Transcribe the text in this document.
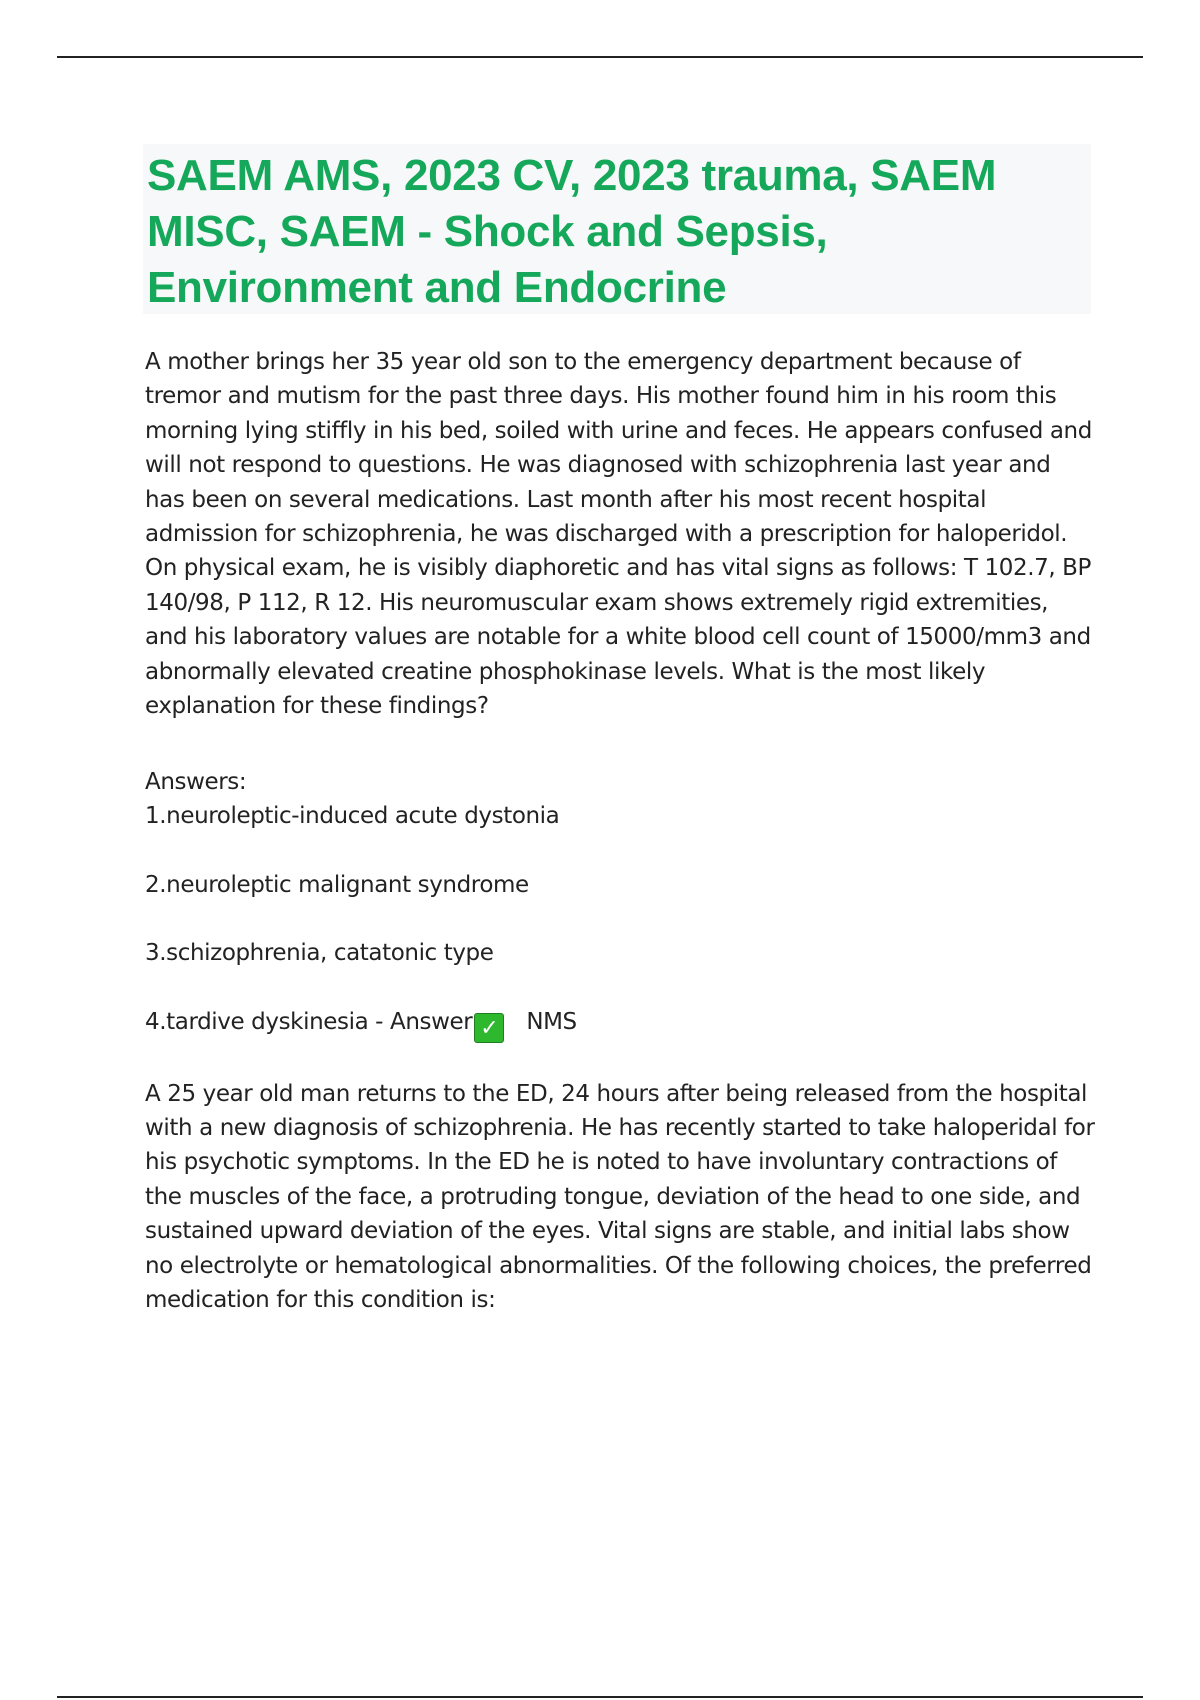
SAEM AMS, 2023 CV, 2023 trauma, SAEM MISC, SAEM - Shock and Sepsis, Environment and Endocrine

A mother brings her 35 year old son to the emergency department because of tremor and mutism for the past three days. His mother found him in his room this morning lying stiffly in his bed, soiled with urine and feces. He appears confused and will not respond to questions. He was diagnosed with schizophrenia last year and has been on several medications. Last month after his most recent hospital admission for schizophrenia, he was discharged with a prescription for haloperidol. On physical exam, he is visibly diaphoretic and has vital signs as follows: T 102.7, BP 140/98, P 112, R 12. His neuromuscular exam shows extremely rigid extremities, and his laboratory values are notable for a white blood cell count of 15000/mm3 and abnormally elevated creatine phosphokinase levels. What is the most likely explanation for these findings?

Answers:

1.neuroleptic-induced acute dystonia

2.neuroleptic malignant syndrome

3.schizophrenia, catatonic type

4.tardive dyskinesia - Answer ✓ NMS

A 25 year old man returns to the ED, 24 hours after being released from the hospital with a new diagnosis of schizophrenia. He has recently started to take haloperidal for his psychotic symptoms. In the ED he is noted to have involuntary contractions of the muscles of the face, a protruding tongue, deviation of the head to one side, and sustained upward deviation of the eyes. Vital signs are stable, and initial labs show no electrolyte or hematological abnormalities. Of the following choices, the preferred medication for this condition is:
